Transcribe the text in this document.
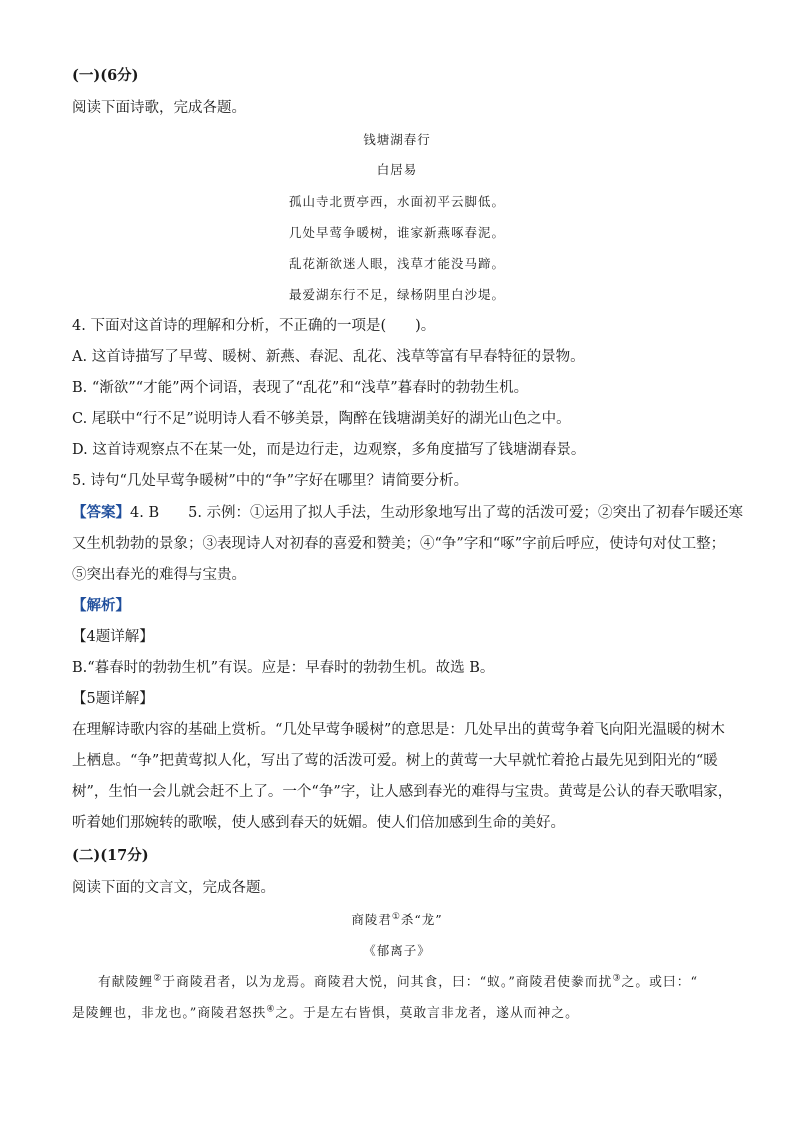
(一)(6分)
阅读下面诗歌，完成各题。
钱塘湖春行
白居易
孤山寺北贾亭西，水面初平云脚低。
几处早莺争暖树，谁家新燕啄春泥。
乱花渐欲迷人眼，浅草才能没马蹄。
最爱湖东行不足，绿杨阴里白沙堤。
4. 下面对这首诗的理解和分析，不正确的一项是(　　)。
A. 这首诗描写了早莺、暖树、新燕、春泥、乱花、浅草等富有早春特征的景物。
B. “渐欲”“才能”两个词语，表现了“乱花”和“浅草”暮春时的勃勃生机。
C. 尾联中“行不足”说明诗人看不够美景，陶醉在钱塘湖美好的湖光山色之中。
D. 这首诗观察点不在某一处，而是边行走，边观察，多角度描写了钱塘湖春景。
5. 诗句“几处早莺争暖树”中的“争”字好在哪里？请简要分析。
【答案】4. B　　5. 示例：①运用了拟人手法，生动形象地写出了莺的活泼可爱；②突出了初春乍暖还寒
又生机勃勃的景象；③表现诗人对初春的喜爱和赞美；④“争”字和“啄”字前后呼应，使诗句对仗工整；
⑤突出春光的难得与宝贵。
【解析】
【4题详解】
B.“暮春时的勃勃生机”有误。应是：早春时的勃勃生机。故选 B。
【5题详解】
在理解诗歌内容的基础上赏析。“几处早莺争暖树”的意思是：几处早出的黄莺争着飞向阳光温暖的树木
上栖息。“争”把黄莺拟人化，写出了莺的活泼可爱。树上的黄莺一大早就忙着抢占最先见到阳光的“暖
树”，生怕一会儿就会赶不上了。一个“争”字，让人感到春光的难得与宝贵。黄莺是公认的春天歌唱家，
听着她们那婉转的歌喉，使人感到春天的妩媚。使人们倍加感到生命的美好。
(二)(17分)
阅读下面的文言文，完成各题。
商陵君①杀“龙”
《郁离子》
有献陵鲤②于商陵君者，以为龙焉。商陵君大悦，问其食，曰：“蚁。”商陵君使豢而扰③之。或曰：“
是陵鲤也，非龙也。”商陵君怒抶④之。于是左右皆惧，莫敢言非龙者，遂从而神之。
